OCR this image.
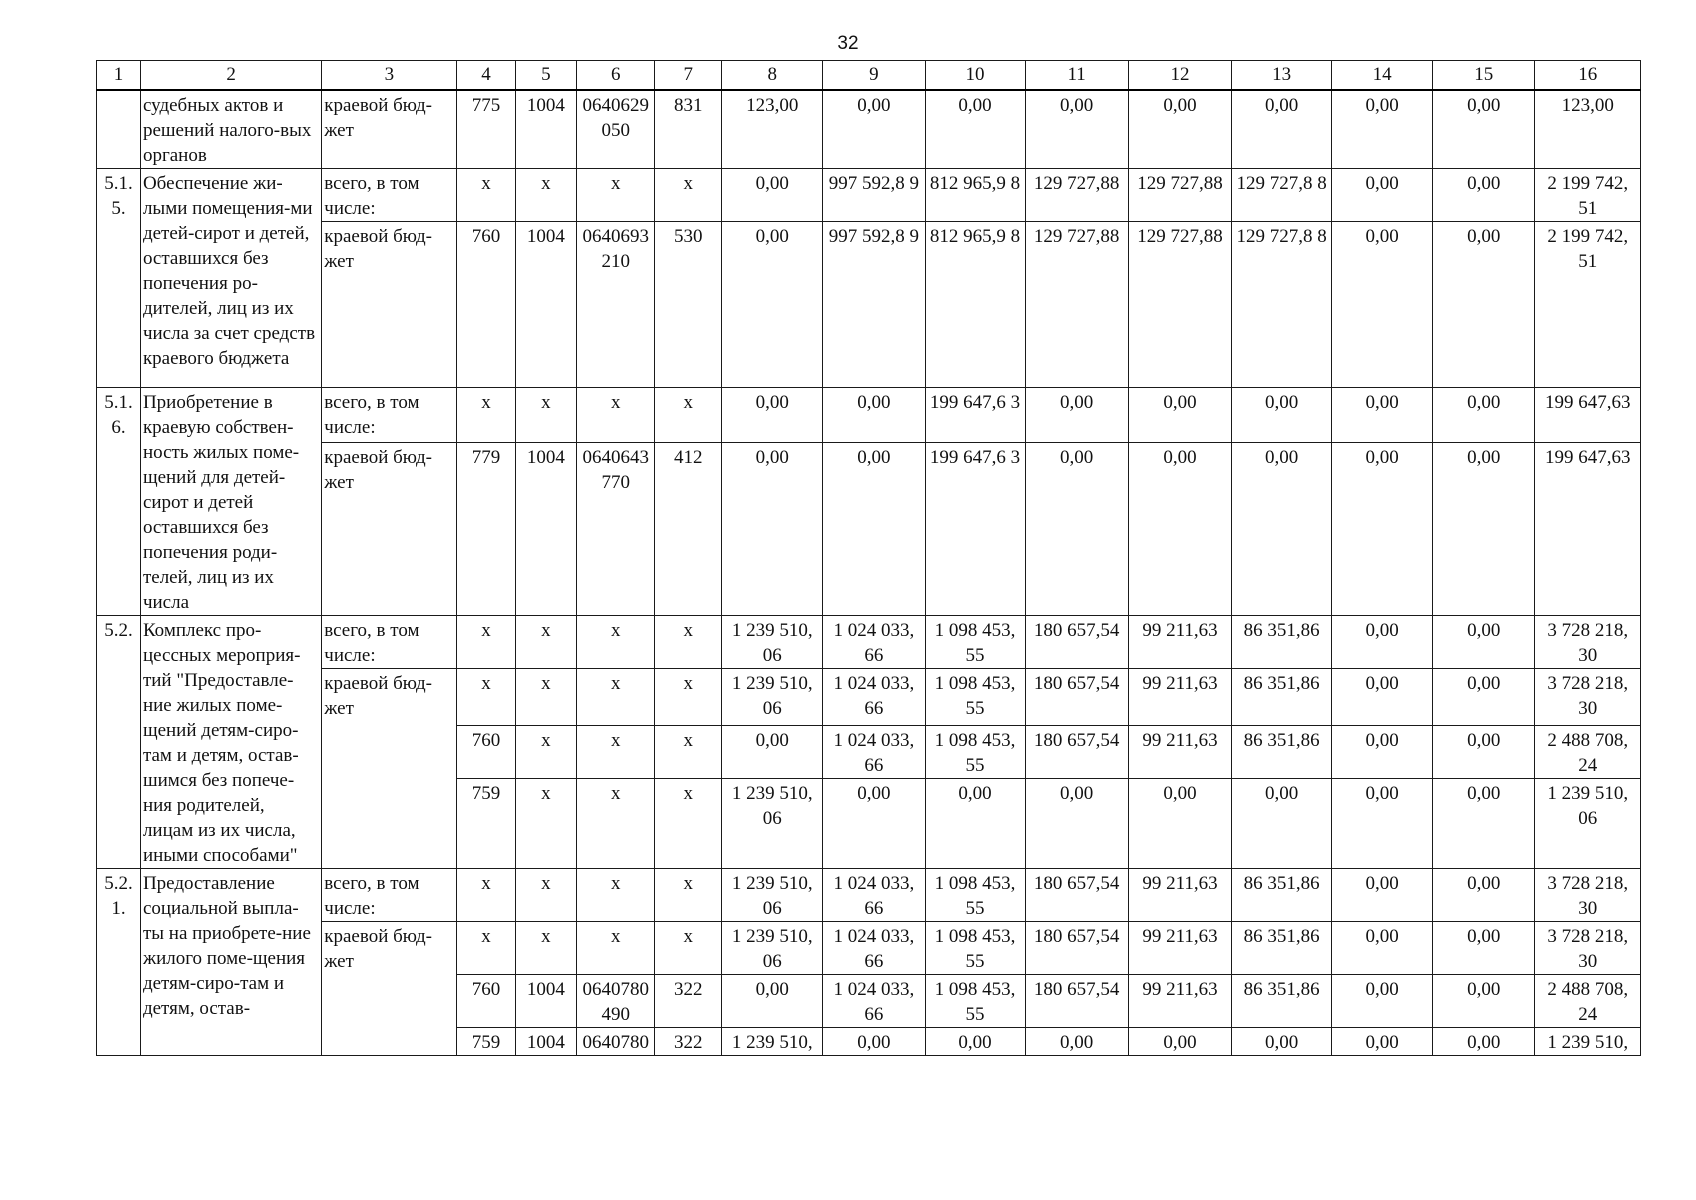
32
1	2	3	4	5	6	7	8	9	10	11	12	13	14	15	16
	судебных актов и решений налого-вых органов	краевой бюд-жет	775	1004	0640629 050	831	123,00	0,00	0,00	0,00	0,00	0,00	0,00	0,00	123,00
5.1. 5.	Обеспечение жи-лыми помещения-ми детей-сирот и детей, оставшихся без попечения ро-дителей, лиц из их числа за счет средств краевого бюджета	всего, в том числе:	x	x	x	x	0,00	997 592,8 9	812 965,9 8	129 727,88	129 727,88	129 727,8 8	0,00	0,00	2 199 742, 51
		краевой бюд-жет	760	1004	0640693 210	530	0,00	997 592,8 9	812 965,9 8	129 727,88	129 727,88	129 727,8 8	0,00	0,00	2 199 742, 51
5.1. 6.	Приобретение в краевую собствен-ность жилых поме-щений для детей-сирот и детей оставшихся без попечения роди-телей, лиц из их числа	всего, в том числе:	x	x	x	x	0,00	0,00	199 647,6 3	0,00	0,00	0,00	0,00	0,00	199 647,63
		краевой бюд-жет	779	1004	0640643 770	412	0,00	0,00	199 647,6 3	0,00	0,00	0,00	0,00	0,00	199 647,63
5.2.	Комплекс про-цессных мероприя-тий "Предоставле-ние жилых поме-щений детям-сиро-там и детям, остав-шимся без попече-ния родителей, лицам из их числа, иными способами"	всего, в том числе:	x	x	x	x	1 239 510, 06	1 024 033, 66	1 098 453, 55	180 657,54	99 211,63	86 351,86	0,00	0,00	3 728 218, 30
		краевой бюд-жет	x	x	x	x	1 239 510, 06	1 024 033, 66	1 098 453, 55	180 657,54	99 211,63	86 351,86	0,00	0,00	3 728 218, 30
			760	x	x	x	0,00	1 024 033, 66	1 098 453, 55	180 657,54	99 211,63	86 351,86	0,00	0,00	2 488 708, 24
			759	x	x	x	1 239 510, 06	0,00	0,00	0,00	0,00	0,00	0,00	0,00	1 239 510, 06
5.2. 1.	Предоставление социальной выпла-ты на приобрете-ние жилого поме-щения детям-сиро-там и детям, остав-	всего, в том числе:	x	x	x	x	1 239 510, 06	1 024 033, 66	1 098 453, 55	180 657,54	99 211,63	86 351,86	0,00	0,00	3 728 218, 30
		краевой бюд-жет	x	x	x	x	1 239 510, 06	1 024 033, 66	1 098 453, 55	180 657,54	99 211,63	86 351,86	0,00	0,00	3 728 218, 30
			760	1004	0640780 490	322	0,00	1 024 033, 66	1 098 453, 55	180 657,54	99 211,63	86 351,86	0,00	0,00	2 488 708, 24
			759	1004	0640780	322	1 239 510,	0,00	0,00	0,00	0,00	0,00	0,00	0,00	1 239 510,
